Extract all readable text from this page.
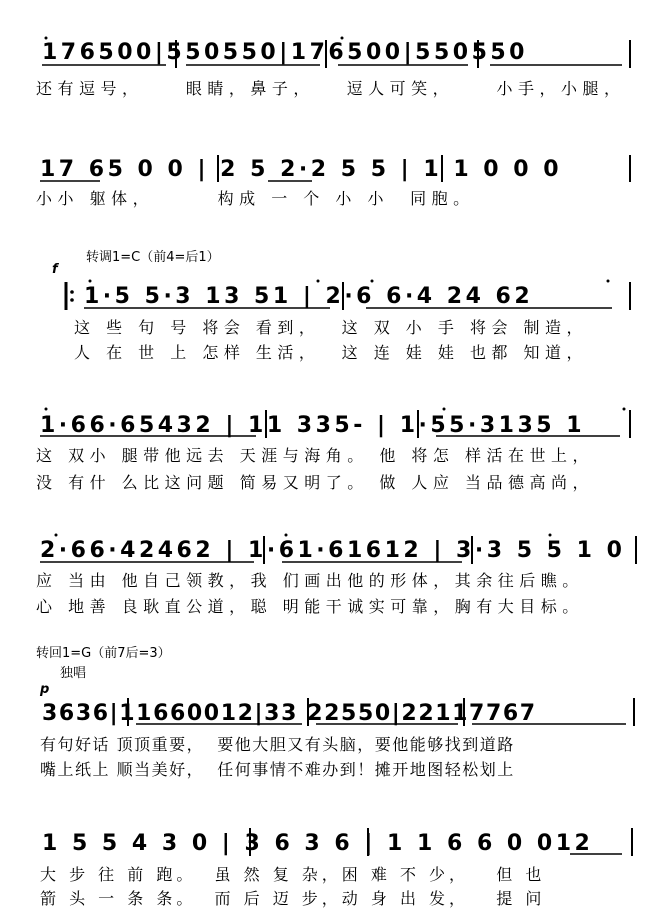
176500|550550|176500|550550
还有逗号，    眼睛，鼻子，   逗人可笑，    小手，小腿，
17 65 0 0 | 2 5 2·2 5 5 | 1 1 0 0 0
小小 躯体，      构成 一 个 小 小  同胞。
转调1=C（前4=后1）
f
1·5 5·3 13 51 | 2·6 6·4 24 62
这 些 句 号 将会 看到，  这 双 小 手 将会 制造，
人 在 世 上 怎样 生活，  这 连 娃 娃 也都 知道，
1·66·65432 | 11 335- | 1·55·3135 1
这 双小 腿带他远去 天涯与海角。 他 将怎 样活在世上，
没 有什 么比这问题 简易又明了。 做 人应 当品德高尚，
2·66·42462 | 1·61·61612 | 3·3 5 5 1 0
应 当由 他自己领教，我 们画出他的形体，其余往后瞧。
心 地善 良耿直公道，聪 明能干诚实可靠，胸有大目标。
转回1=G（前7后=3）
独唱
p
3636|11660012|33 22550|22117767
有句好话 顶顶重要，  要他大胆又有头脑，要他能够找到道路
嘴上纸上 顺当美好，  任何事情不难办到！摊开地图轻松划上
1 5 5 4 3 0 | 3 6 3 6 | 1 1 6 6 0 012
大 步 往 前 跑。  虽 然 复 杂，困 难 不 少，   但 也
箭 头 一 条 条。  而 后 迈 步，动 身 出 发，   提 问
